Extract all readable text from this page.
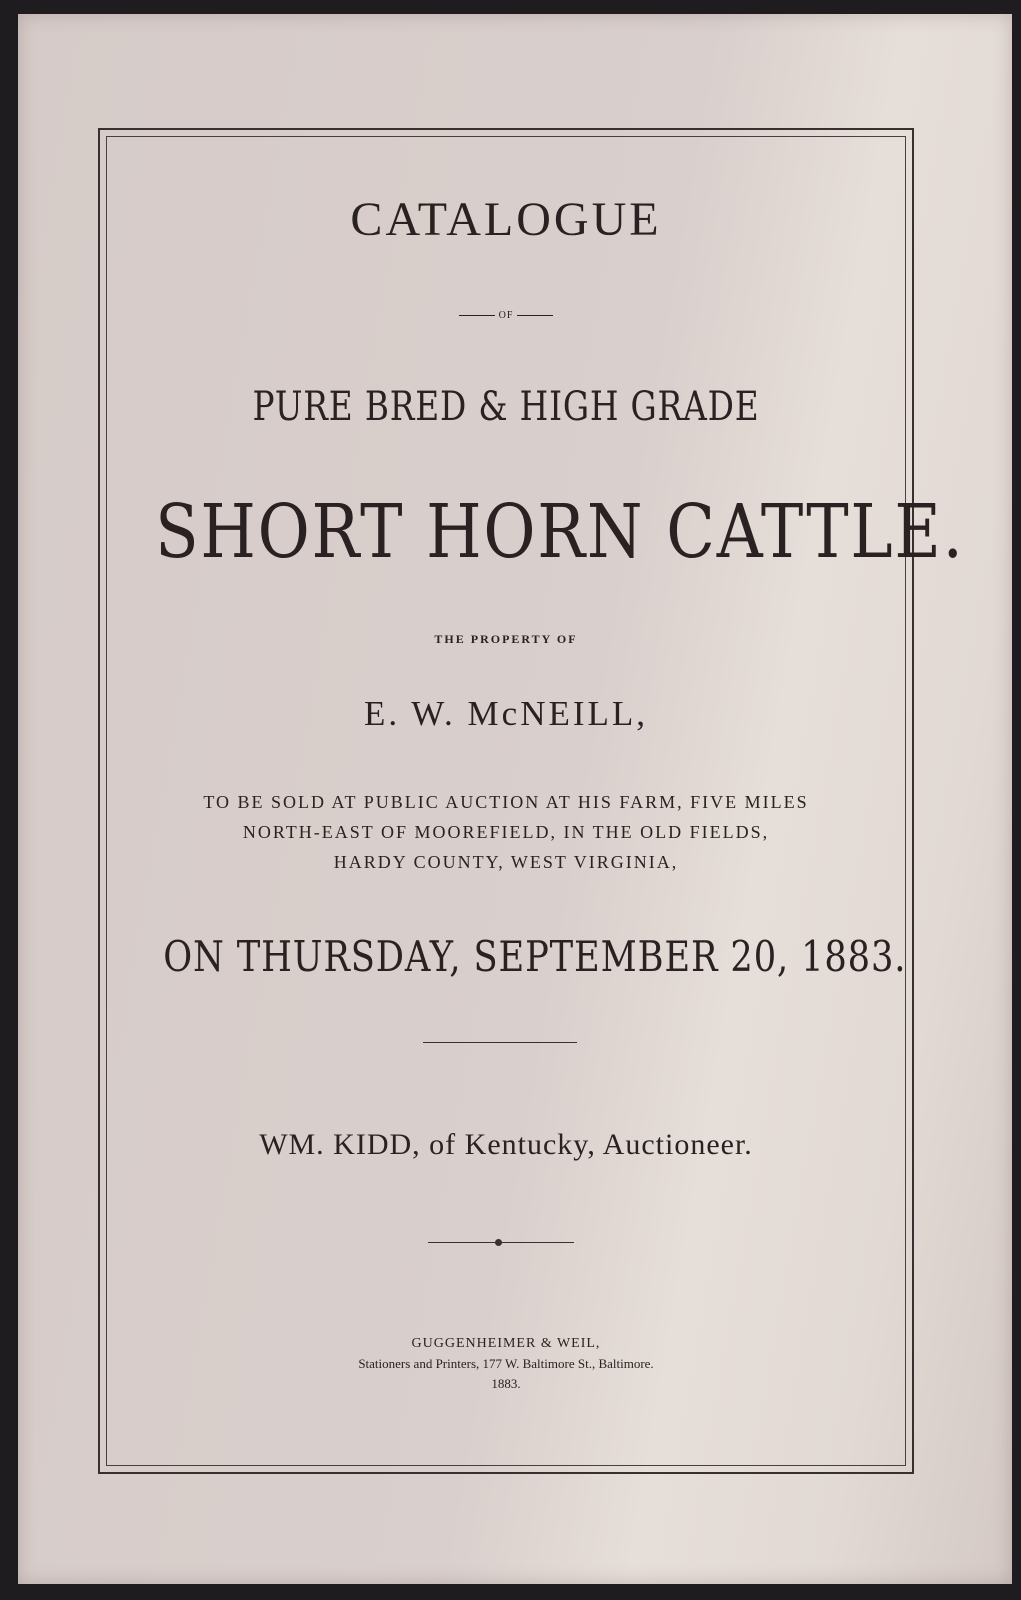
CATALOGUE
OF
PURE BRED & HIGH GRADE
SHORT HORN CATTLE.
THE PROPERTY OF
E. W. McNEILL,
TO BE SOLD AT PUBLIC AUCTION AT HIS FARM, FIVE MILES
NORTH-EAST OF MOOREFIELD, IN THE OLD FIELDS,
HARDY COUNTY, WEST VIRGINIA,
ON THURSDAY, SEPTEMBER 20, 1883.
WM. KIDD, of Kentucky, Auctioneer.
GUGGENHEIMER & WEIL,
Stationers and Printers, 177 W. Baltimore St., Baltimore.
1883.
